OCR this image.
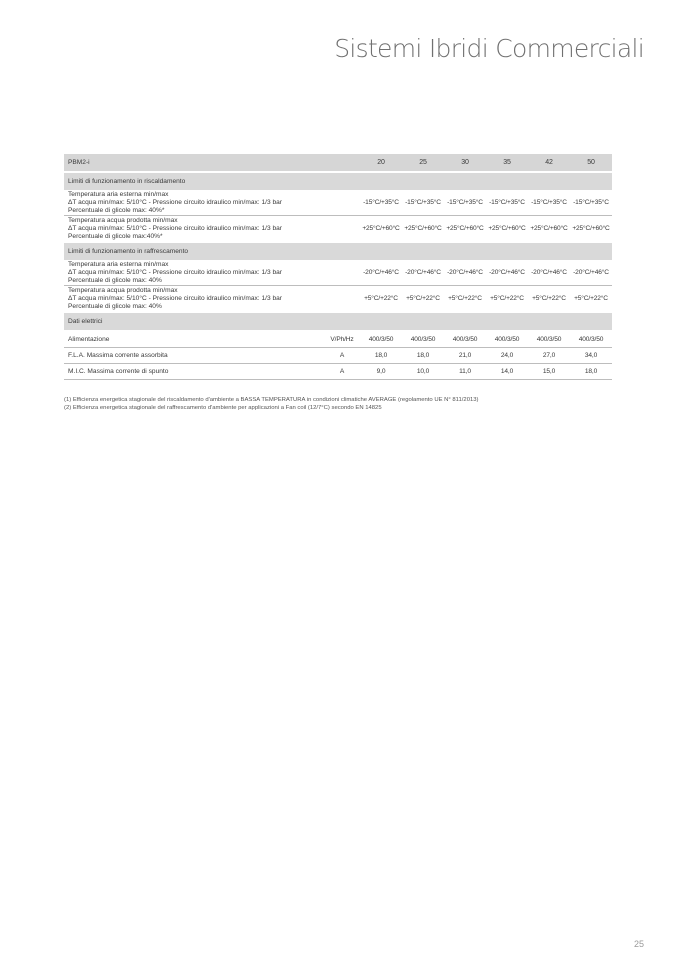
Sistemi Ibridi Commerciali
PBM2-i		20	25	30	35	42	50
Limiti di funzionamento in riscaldamento							

Temperatura aria esterna min/max
ΔT acqua min/max: 5/10°C - Pressione circuito idraulico min/max: 1/3 bar
Percentuale di glicole max: 40%*		-15°C/+35°C	-15°C/+35°C	-15°C/+35°C	-15°C/+35°C	-15°C/+35°C	-15°C/+35°C

Temperatura acqua prodotta min/max
ΔT acqua min/max: 5/10°C - Pressione circuito idraulico min/max: 1/3 bar
Percentuale di glicole max:40%*		+25°C/+60°C	+25°C/+60°C	+25°C/+60°C	+25°C/+60°C	+25°C/+60°C	+25°C/+60°C
Limiti di funzionamento in raffrescamento							

Temperatura aria esterna min/max
ΔT acqua min/max: 5/10°C - Pressione circuito idraulico min/max: 1/3 bar
Percentuale di glicole max: 40%		-20°C/+46°C	-20°C/+46°C	-20°C/+46°C	-20°C/+46°C	-20°C/+46°C	-20°C/+46°C

Temperatura acqua prodotta min/max
ΔT acqua min/max: 5/10°C - Pressione circuito idraulico min/max: 1/3 bar
Percentuale di glicole max: 40%		+5°C/+22°C	+5°C/+22°C	+5°C/+22°C	+5°C/+22°C	+5°C/+22°C	+5°C/+22°C
Dati elettrici							

Alimentazione	V/Ph/Hz	400/3/50	400/3/50	400/3/50	400/3/50	400/3/50	400/3/50
F.L.A. Massima corrente assorbita	A	18,0	18,0	21,0	24,0	27,0	34,0
M.I.C. Massima corrente di spunto	A	9,0	10,0	11,0	14,0	15,0	18,0
(1) Efficienza energetica stagionale del riscaldamento d'ambiente a BASSA TEMPERATURA in condizioni climatiche AVERAGE (regolamento UE N° 811/2013)
(2) Efficienza energetica stagionale del raffrescamento d'ambiente per applicazioni a Fan coil (12/7°C) secondo EN 14825
25
